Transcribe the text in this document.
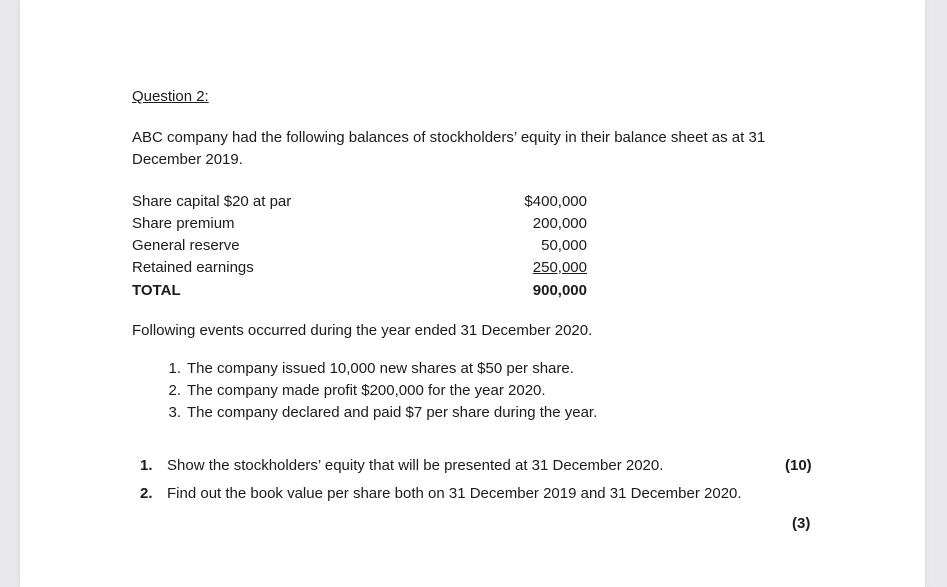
Question 2:
ABC company had the following balances of stockholders’ equity in their balance sheet as at 31
December 2019.
Share capital $20 at par	$400,000
Share premium	200,000
General reserve	50,000
Retained earnings	250,000
TOTAL	900,000
Following events occurred during the year ended 31 December 2020.
1. The company issued 10,000 new shares at $50 per share.
2. The company made profit $200,000 for the year 2020.
3. The company declared and paid $7 per share during the year.
1. Show the stockholders’ equity that will be presented at 31 December 2020.	(10)
2. Find out the book value per share both on 31 December 2019 and 31 December 2020.
(3)
